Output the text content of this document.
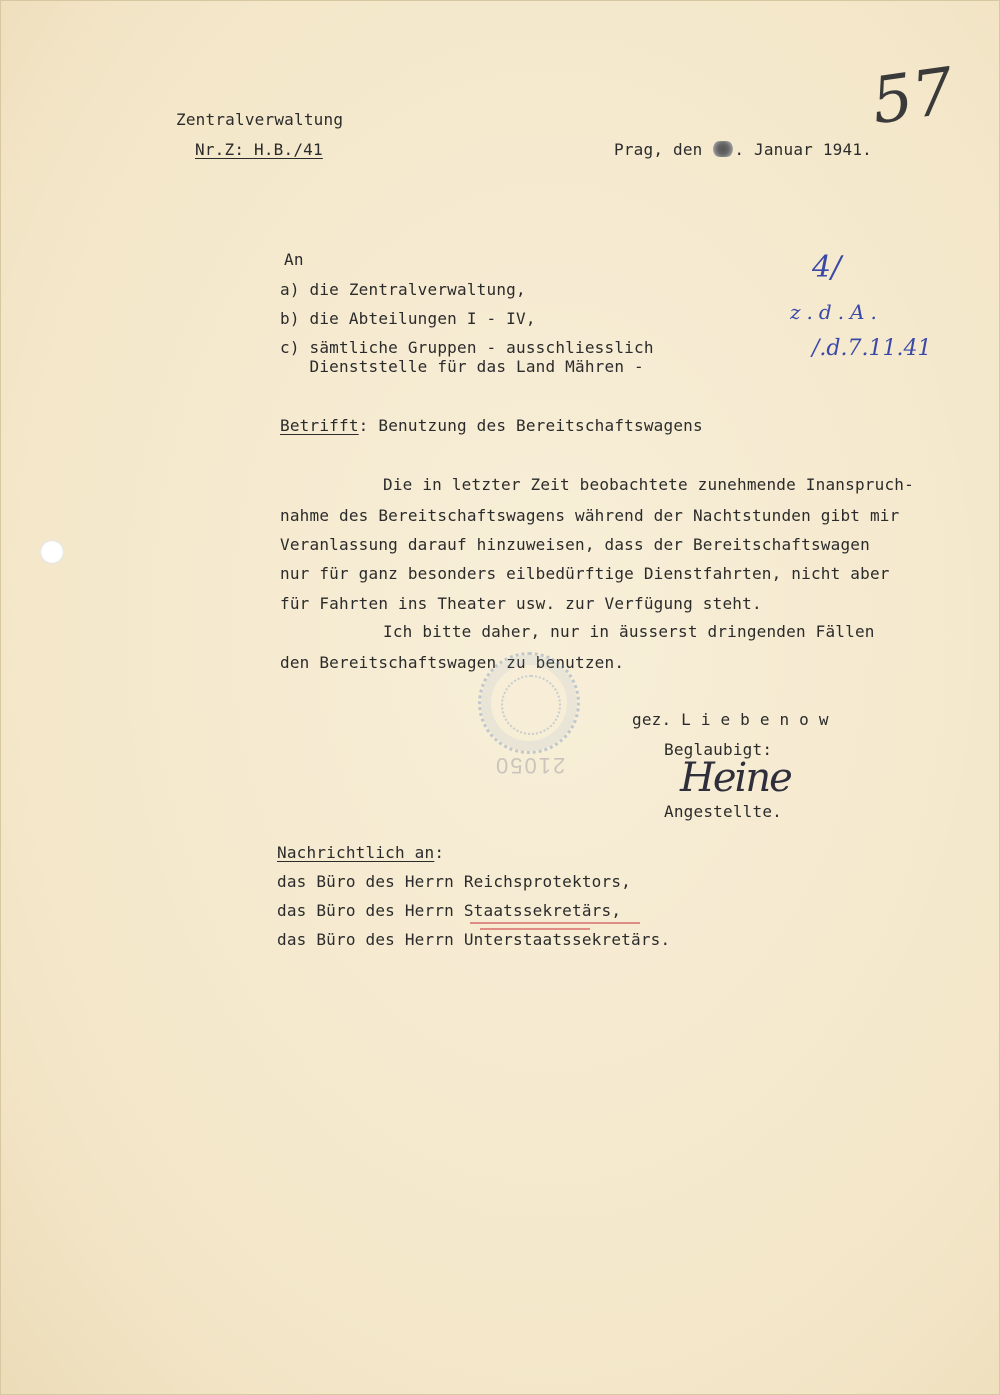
57
Zentralverwaltung
Nr.Z: H.B./41	Prag, den . Januar 1941.
An
a) die Zentralverwaltung,
b) die Abteilungen I - IV,
c) sämtliche Gruppen - ausschliesslich
Dienststelle für das Land Mähren -
4/
z.d.A.
/.d.7.11.41
Betrifft: Benutzung des Bereitschaftswagens
Die in letzter Zeit beobachtete zunehmende Inanspruch-
nahme des Bereitschaftswagens während der Nachtstunden gibt mir
Veranlassung darauf hinzuweisen, dass der Bereitschaftswagen
nur für ganz besonders eilbedürftige Dienstfahrten, nicht aber
für Fahrten ins Theater usw. zur Verfügung steht.
Ich bitte daher, nur in äusserst dringenden Fällen
den Bereitschaftswagen zu benutzen.
21050
gez. L i e b e n o w
Beglaubigt:
Heine
Angestellte.
Nachrichtlich an:
das Büro des Herrn Reichsprotektors,
das Büro des Herrn Staatssekretärs,
das Büro des Herrn Unterstaatssekretärs.
